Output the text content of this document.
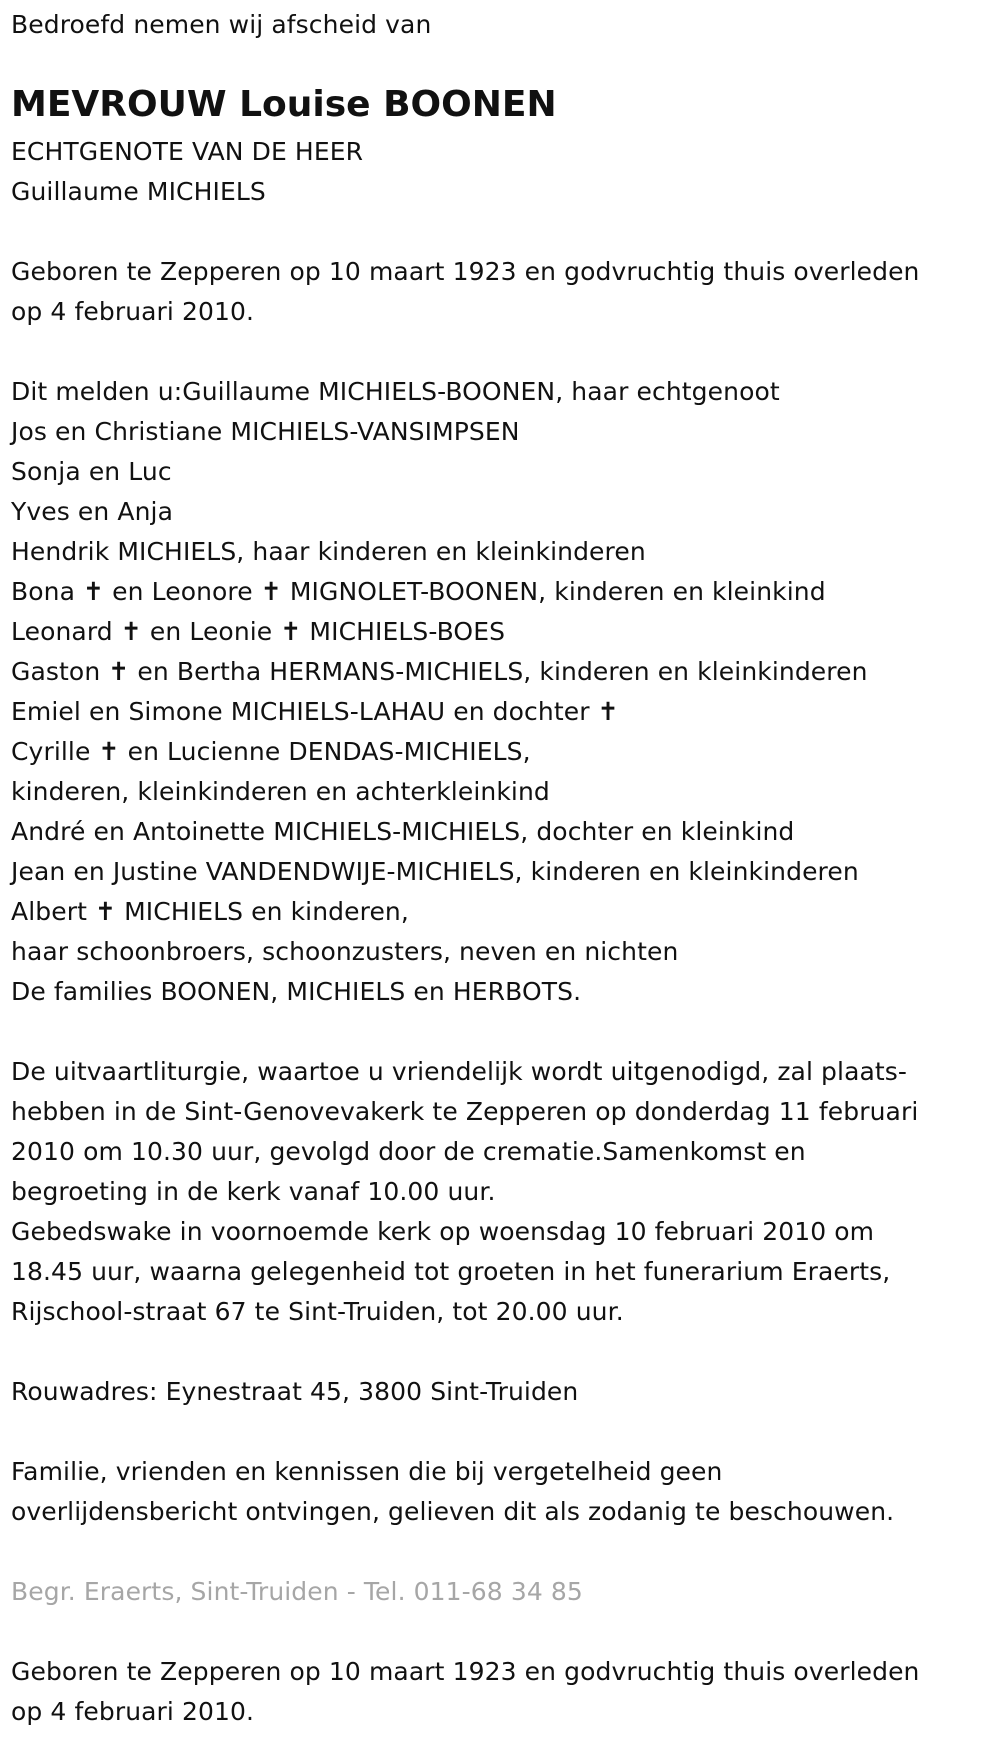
Bedroefd nemen wij afscheid van
MEVROUW Louise BOONEN
ECHTGENOTE VAN DE HEER
Guillaume MICHIELS
Geboren te Zepperen op 10 maart 1923 en godvruchtig thuis overleden
op 4 februari 2010.
Dit melden u:Guillaume MICHIELS-BOONEN, haar echtgenoot
Jos en Christiane MICHIELS-VANSIMPSEN
Sonja en Luc
Yves en Anja
Hendrik MICHIELS, haar kinderen en kleinkinderen
Bona ✝ en Leonore ✝ MIGNOLET-BOONEN, kinderen en kleinkind
Leonard ✝ en Leonie ✝ MICHIELS-BOES
Gaston ✝ en Bertha HERMANS-MICHIELS, kinderen en kleinkinderen
Emiel en Simone MICHIELS-LAHAU en dochter ✝
Cyrille ✝ en Lucienne DENDAS-MICHIELS,
kinderen, kleinkinderen en achterkleinkind
André en Antoinette MICHIELS-MICHIELS, dochter en kleinkind
Jean en Justine VANDENDWIJE-MICHIELS, kinderen en kleinkinderen
Albert ✝ MICHIELS en kinderen,
haar schoonbroers, schoonzusters, neven en nichten
De families BOONEN, MICHIELS en HERBOTS.
De uitvaartliturgie, waartoe u vriendelijk wordt uitgenodigd, zal plaats-
hebben in de Sint-Genovevakerk te Zepperen op donderdag 11 februari
2010 om 10.30 uur, gevolgd door de crematie.Samenkomst en
begroeting in de kerk vanaf 10.00 uur.
Gebedswake in voornoemde kerk op woensdag 10 februari 2010 om
18.45 uur, waarna gelegenheid tot groeten in het funerarium Eraerts,
Rijschool-straat 67 te Sint-Truiden, tot 20.00 uur.
Rouwadres: Eynestraat 45, 3800 Sint-Truiden
Familie, vrienden en kennissen die bij vergetelheid geen
overlijdensbericht ontvingen, gelieven dit als zodanig te beschouwen.
Begr. Eraerts, Sint-Truiden - Tel. 011-68 34 85
Geboren te Zepperen op 10 maart 1923 en godvruchtig thuis overleden
op 4 februari 2010.
